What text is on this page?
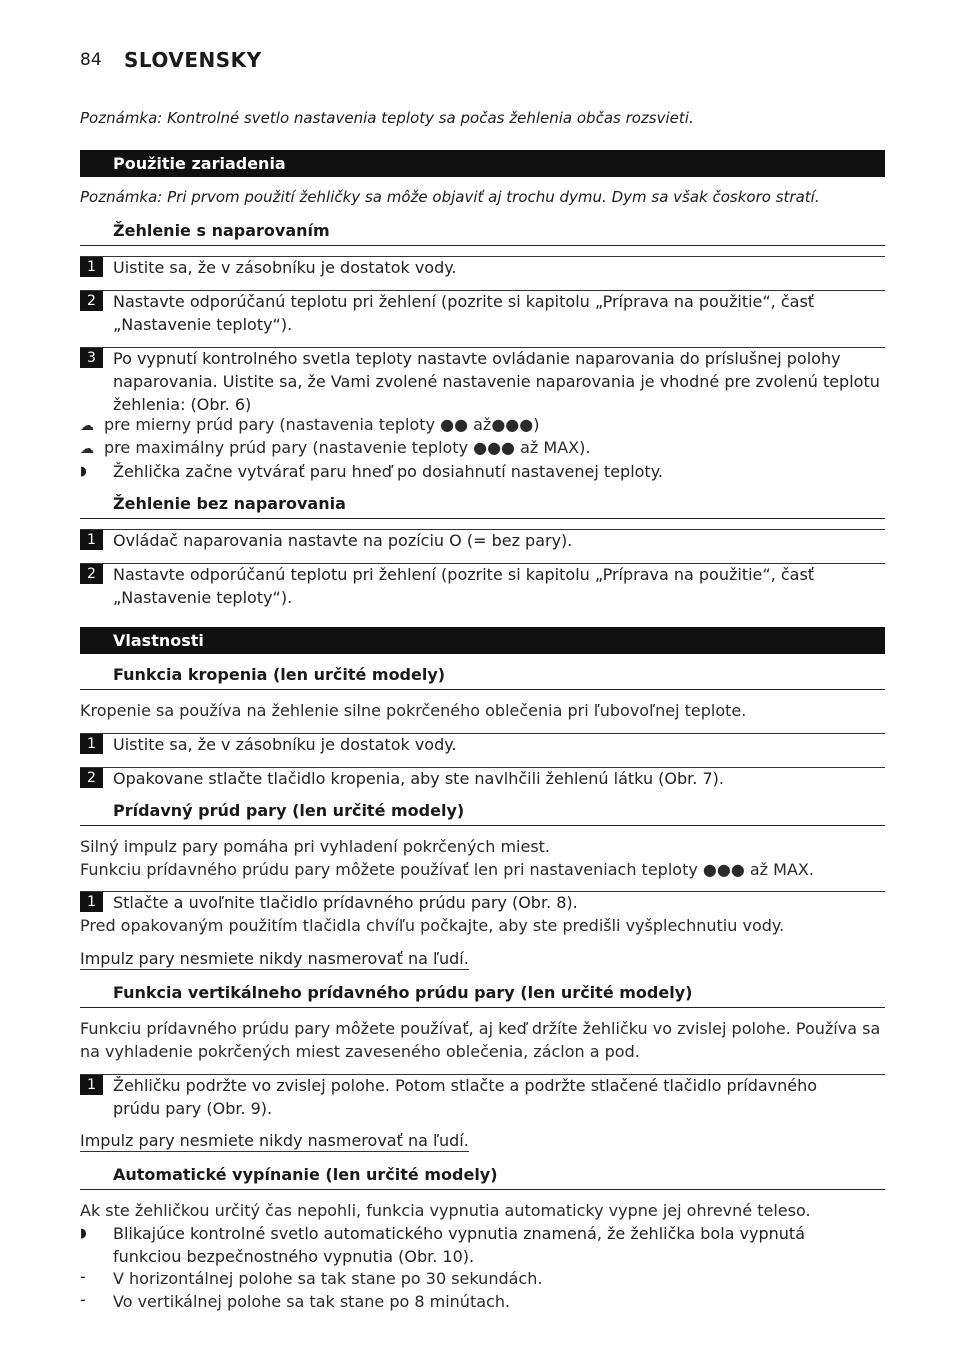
84 SLOVENSKY
Poznámka: Kontrolné svetlo nastavenia teploty sa počas žehlenia občas rozsvieti.
Použitie zariadenia
Poznámka: Pri prvom použití žehličky sa môže objaviť aj trochu dymu. Dym sa však čoskoro stratí.
Žehlenie s naparovaním
1	Uistite sa, že v zásobníku je dostatok vody.
2	Nastavte odporúčanú teplotu pri žehlení (pozrite si kapitolu „Príprava na použitie“, časť
„Nastavenie teploty“).
3	Po vypnutí kontrolného svetla teploty nastavte ovládanie naparovania do príslušnej polohy
naparovania. Uistite sa, že Vami zvolené nastavenie naparovania je vhodné pre zvolenú teplotu
žehlenia: (Obr. 6)
☁ pre mierny prúd pary (nastavenia teploty ●● až●●●)
☁ pre maximálny prúd pary (nastavenie teploty ●●● až MAX).
◗ Žehlička začne vytvárať paru hneď po dosiahnutí nastavenej teploty.
Žehlenie bez naparovania
1	Ovládač naparovania nastavte na pozíciu O (= bez pary).
2	Nastavte odporúčanú teplotu pri žehlení (pozrite si kapitolu „Príprava na použitie“, časť
„Nastavenie teploty“).
Vlastnosti
Funkcia kropenia (len určité modely)
Kropenie sa používa na žehlenie silne pokrčeného oblečenia pri ľubovoľnej teplote.
1	Uistite sa, že v zásobníku je dostatok vody.
2	Opakovane stlačte tlačidlo kropenia, aby ste navlhčili žehlenú látku (Obr. 7).
Prídavný prúd pary (len určité modely)
Silný impulz pary pomáha pri vyhladení pokrčených miest.
Funkciu prídavného prúdu pary môžete používať len pri nastaveniach teploty ●●● až MAX.
1	Stlačte a uvoľnite tlačidlo prídavného prúdu pary (Obr. 8).
Pred opakovaným použitím tlačidla chvíľu počkajte, aby ste predišli vyšplechnutiu vody.
Impulz pary nesmiete nikdy nasmerovať na ľudí.
Funkcia vertikálneho prídavného prúdu pary (len určité modely)
Funkciu prídavného prúdu pary môžete používať, aj keď držíte žehličku vo zvislej polohe. Používa sa
na vyhladenie pokrčených miest zaveseného oblečenia, záclon a pod.
1	Žehličku podržte vo zvislej polohe. Potom stlačte a podržte stlačené tlačidlo prídavného
prúdu pary (Obr. 9).
Impulz pary nesmiete nikdy nasmerovať na ľudí.
Automatické vypínanie (len určité modely)
Ak ste žehličkou určitý čas nepohli, funkcia vypnutia automaticky vypne jej ohrevné teleso.
◗ Blikajúce kontrolné svetlo automatického vypnutia znamená, že žehlička bola vypnutá
funkciou bezpečnostného vypnutia (Obr. 10).
- V horizontálnej polohe sa tak stane po 30 sekundách.
- Vo vertikálnej polohe sa tak stane po 8 minútach.
